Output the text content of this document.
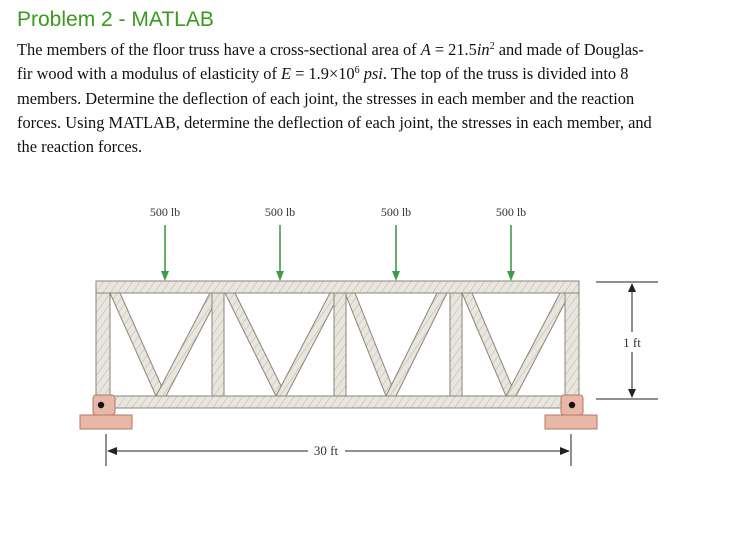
Problem 2 - MATLAB
The members of the floor truss have a cross-sectional area of $A = 21.5in^2$ and made of Douglas-
fir wood with a modulus of elasticity of $E = 1.9\times 10^6$ psi. The top of the truss is divided into 8
members. Determine the deflection of each joint, the stresses in each member and the reaction
forces. Using MATLAB, determine the deflection of each joint, the stresses in each member, and
the reaction forces.
500 lb	500 lb	500 lb	500 lb
1 ft
30 ft
